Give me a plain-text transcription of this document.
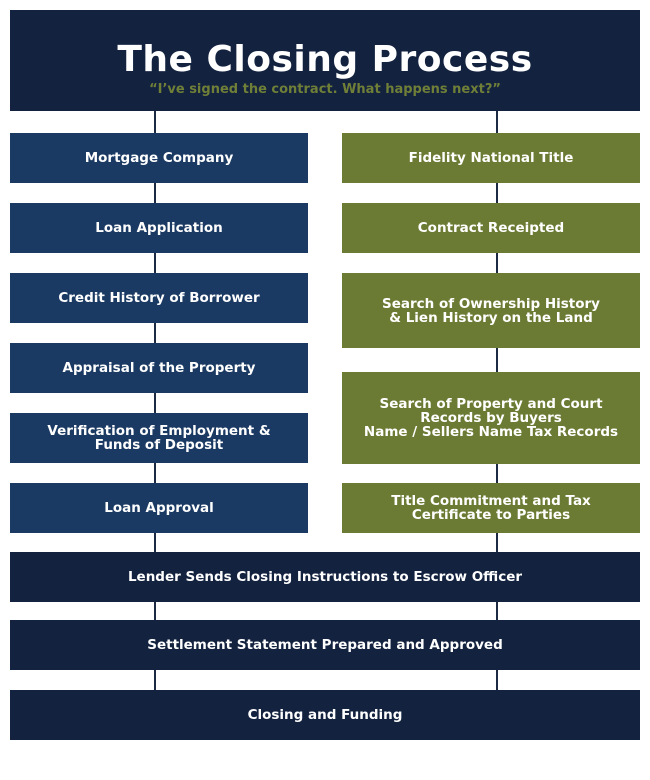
The Closing Process
“I’ve signed the contract. What happens next?”
Mortgage Company
Loan Application
Credit History of Borrower
Appraisal of the Property
Verification of Employment &
Funds of Deposit
Loan Approval
Fidelity National Title
Contract Receipted
Search of Ownership History
& Lien History on the Land
Search of Property and Court
Records by Buyers
Name / Sellers Name Tax Records
Title Commitment and Tax
Certificate to Parties
Lender Sends Closing Instructions to Escrow Officer
Settlement Statement Prepared and Approved
Closing and Funding
